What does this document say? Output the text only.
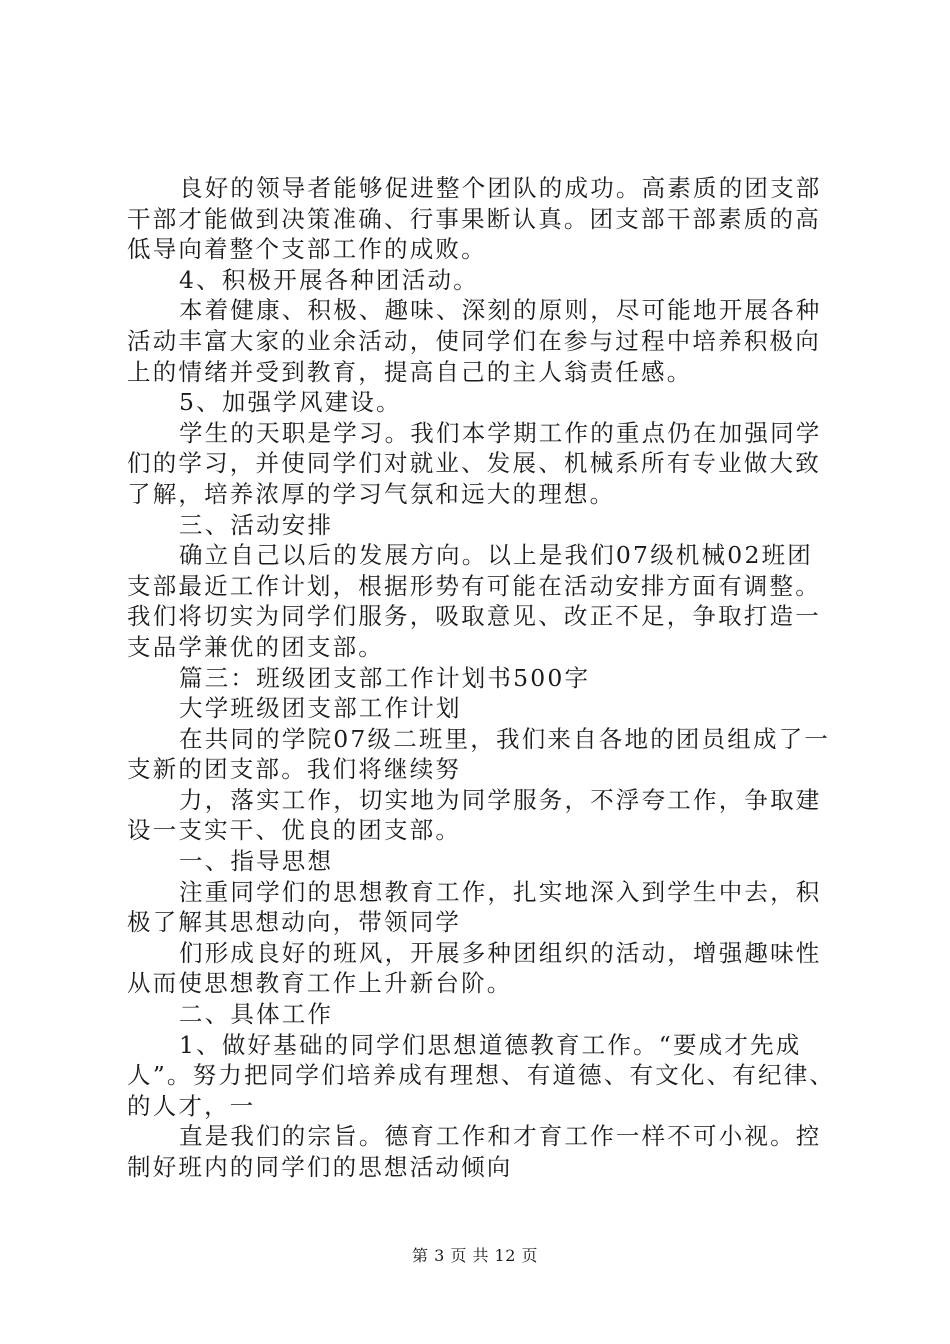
良好的领导者能够促进整个团队的成功。高素质的团支部
干部才能做到决策准确、行事果断认真。团支部干部素质的高
低导向着整个支部工作的成败。
4、积极开展各种团活动。
本着健康、积极、趣味、深刻的原则，尽可能地开展各种
活动丰富大家的业余活动，使同学们在参与过程中培养积极向
上的情绪并受到教育，提高自己的主人翁责任感。
5、加强学风建设。
学生的天职是学习。我们本学期工作的重点仍在加强同学
们的学习，并使同学们对就业、发展、机械系所有专业做大致
了解，培养浓厚的学习气氛和远大的理想。
三、活动安排
确立自己以后的发展方向。以上是我们07级机械02班团
支部最近工作计划，根据形势有可能在活动安排方面有调整。
我们将切实为同学们服务，吸取意见、改正不足，争取打造一
支品学兼优的团支部。
篇三：班级团支部工作计划书500字
大学班级团支部工作计划
在共同的学院07级二班里，我们来自各地的团员组成了一
支新的团支部。我们将继续努
力，落实工作，切实地为同学服务，不浮夸工作，争取建
设一支实干、优良的团支部。
一、指导思想
注重同学们的思想教育工作，扎实地深入到学生中去，积
极了解其思想动向，带领同学
们形成良好的班风，开展多种团组织的活动，增强趣味性
从而使思想教育工作上升新台阶。
二、具体工作
1、做好基础的同学们思想道德教育工作。“要成才先成
人”。努力把同学们培养成有理想、有道德、有文化、有纪律、
的人才，一
直是我们的宗旨。德育工作和才育工作一样不可小视。控
制好班内的同学们的思想活动倾向
第 3 页 共 12 页
